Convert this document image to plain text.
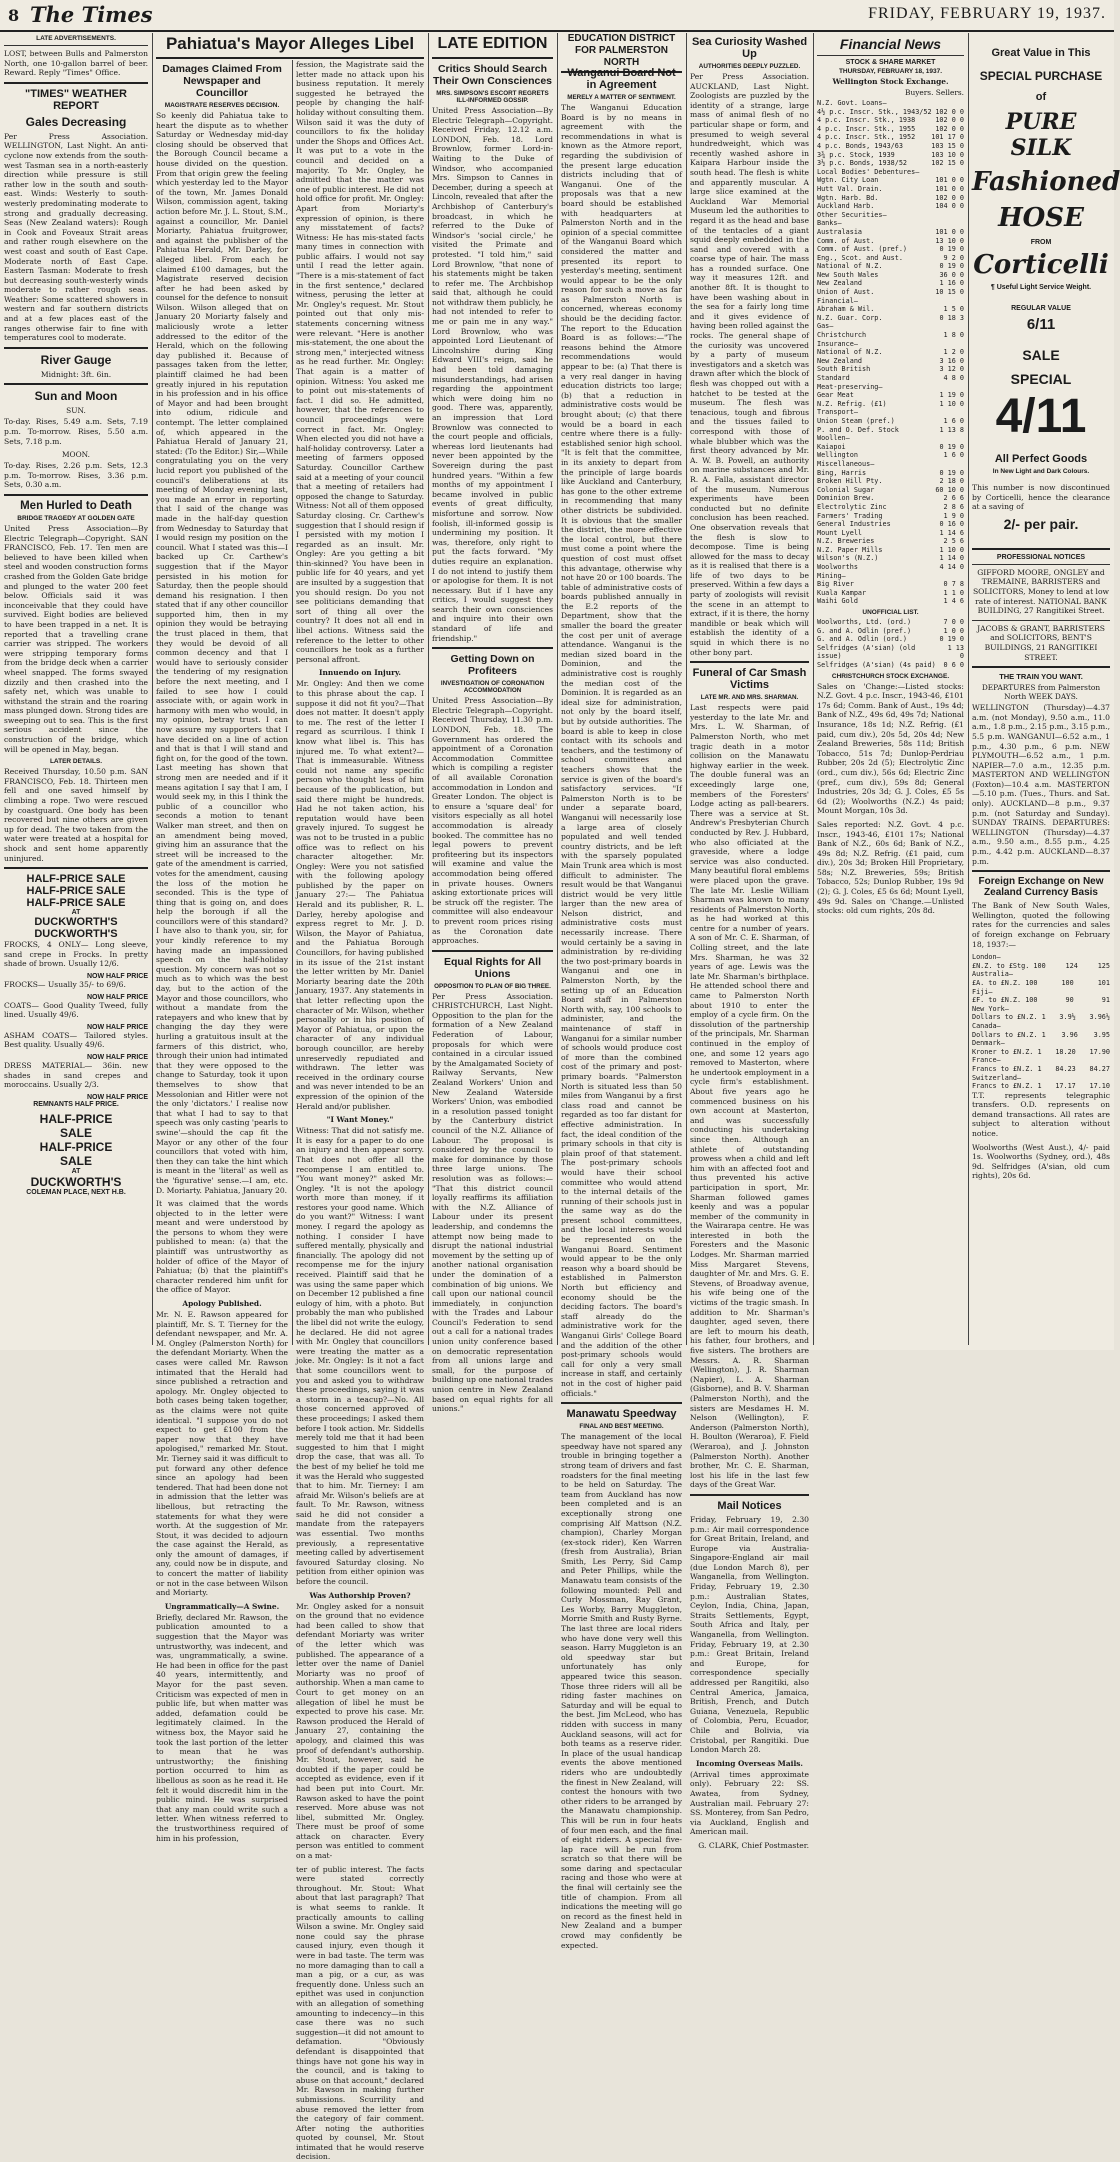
8 The Times	FRIDAY, FEBRUARY 19, 1937.
LATE ADVERTISEMENTS.

LOST, between Bulls and Palmerston North, one 10-gallon barrel of beer. Reward. Reply "Times" Office.

"TIMES" WEATHER REPORT
Gales Decreasing

Per Press Association. WELLINGTON, Last Night. An anti-cyclone now extends from the south-west Tasman sea in a north-easterly direction while pressure is still rather low in the south and south-east. Winds: Westerly to south-westerly predominating moderate to strong and gradually decreasing. Seas (New Zealand waters): Rough in Cook and Foveaux Strait areas and rather rough elsewhere on the west coast and south of East Cape. Moderate north of East Cape. Eastern Tasman: Moderate to fresh but decreasing south-westerly winds moderate to rather rough seas. Weather: Some scattered showers in western and far southern districts and at a few places east of the ranges otherwise fair to fine with temperatures cool to moderate.

River Gauge

Midnight: 3ft. 6in.

Sun and Moon
SUN.

To-day. Rises, 5.49 a.m. Sets, 7.19 p.m. To-morrow. Rises, 5.50 a.m. Sets, 7.18 p.m.

MOON.

To-day. Rises, 2.26 p.m. Sets, 12.3 p.m. To-morrow. Rises, 3.36 p.m. Sets, 0.30 a.m.

Men Hurled to Death
BRIDGE TRAGEDY AT GOLDEN GATE

United Press Association—By Electric Telegraph—Copyright. SAN FRANCISCO, Feb. 17. Ten men are believed to have been killed when steel and wooden construction forms crashed from the Golden Gate bridge and plunged to the water 200 feet below. Officials said it was inconceivable that they could have survived. Eight bodies are believed to have been trapped in a net. It is reported that a travelling crane carrier was stripped. The workers were stripping temporary forms from the bridge deck when a carrier wheel snapped. The forms swayed dizzily and then crashed into the safety net, which was unable to withstand the strain and the roaring mass plunged down. Strong tides are sweeping out to sea. This is the first serious accident since the construction of the bridge, which will be opened in May, began.

LATER DETAILS.

Received Thursday, 10.50 p.m. SAN FRANCISCO, Feb. 18. Thirteen men fell and one saved himself by climbing a rope. Two were rescued by coastguard. One body has been recovered but nine others are given up for dead. The two taken from the water were treated at a hospital for shock and sent home apparently uninjured.

HALF-PRICE SALE
HALF-PRICE SALE
HALF-PRICE SALE
AT
DUCKWORTH'S
DUCKWORTH'S

FROCKS, 4 ONLY— Long sleeve, sand crepe in Frocks. In pretty shade of brown. Usually 12/6.

NOW HALF PRICE

FROCKS— Usually 35/- to 69/6.

NOW HALF PRICE

COATS— Good Quality Tweed, fully lined. Usually 49/6.

NOW HALF PRICE

ASHAM COATS— Tailored styles. Best quality. Usually 49/6.

NOW HALF PRICE

DRESS MATERIAL— 36in. new shades in sand crepes and moroccains. Usually 2/3.

NOW HALF PRICE
REMNANTS HALF PRICE.
HALF-PRICE
SALE
HALF-PRICE
SALE
AT
DUCKWORTH'S
COLEMAN PLACE, NEXT H.B.
Pahiatua's Mayor Alleges Libel
Damages Claimed From Newspaper and Councillor
MAGISTRATE RESERVES DECISION.

So keenly did Pahiatua take to heart the dispute as to whether Saturday or Wednesday mid-day closing should be observed that the Borough Council became a house divided on the question. From that origin grew the feeling which yesterday led to the Mayor of the town, Mr. James Donald Wilson, commission agent, taking action before Mr. J. L. Stout, S.M., against a councillor, Mr. Daniel Moriarty, Pahiatua fruitgrower, and against the publisher of the Pahiatua Herald, Mr. Darley, for alleged libel. From each he claimed £100 damages, but the Magistrate reserved decision after he had been asked by counsel for the defence to nonsuit Wilson. Wilson alleged that on January 20 Moriarty falsely and maliciously wrote a letter addressed to the editor of the Herald, which on the following day published it. Because of passages taken from the letter, plaintiff claimed he had been greatly injured in his reputation in his profession and in his office of Mayor and had been brought into odium, ridicule and contempt. The letter complained of, which appeared in the Pahiatua Herald of January 21, stated: (To the Editor.) Sir,—While congratulating you on the very lucid report you published of the council's deliberations at its meeting of Monday evening last, you made an error in reporting that I said of the change was made in the half-day question from Wednesday to Saturday that I would resign my position on the council. What I stated was this—I backed up Cr. Carthew's suggestion that if the Mayor persisted in his motion for Saturday, then the people should demand his resignation. I then stated that if any other councillor supported him, then in my opinion they would be betraying the trust placed in them, that they would be devoid of all common decency and that I would have to seriously consider the tendering of my resignation before the next meeting, and I failed to see how I could associate with, or again work in harmony with men who would, in my opinion, betray trust. I can now assure my supporters that I have decided on a line of action and that is that I will stand and fight on, for the good of the town. Last meeting has shown that strong men are needed and if it means agitation I say that I am, I would seek my, in this I think the public of a councillor who seconds a motion to tenant Walker man street, and then on an amendment being moved, giving him an assurance that the street will be increased to the gate of the amendment is carried, votes for the amendment, causing the loss of the motion he seconded. This is the type of thing that is going on, and does help the borough if all the councillors were of this standard? I have also to thank you, sir, for your kindly reference to my having made an impassioned speech on the half-holiday question. My concern was not so much as to which was the best day, but to the action of the Mayor and those councillors, who without a mandate from the ratepayers and who knew that by changing the day they were hurling a gratuitous insult at the farmers of this district, who, through their union had intimated that they were opposed to the change to Saturday, took it upon themselves to show that Messolonian and Hitler were not the only 'dictators.' I realise now that what I had to say to that speech was only casting 'pearls to swine'—should the cap fit the Mayor or any other of the four councillors that voted with him, then they can take the hint which is meant in the 'literal' as well as the 'figurative' sense.—I am, etc. D. Moriarty. Pahiatua, January 20.

It was claimed that the words objected to in the letter were meant and were understood by the persons to whom they were published to mean: (a) that the plaintiff was untrustworthy as holder of office of the Mayor of Pahiatua; (b) that the plaintiff's character rendered him unfit for the office of Mayor.

Apology Published.

Mr. N. E. Rawson appeared for plaintiff, Mr. S. T. Tierney for the defendant newspaper, and Mr. A. M. Ongley (Palmerston North) for the defendant Moriarty. When the cases were called Mr. Rawson intimated that the Herald had since published a retraction and apology. Mr. Ongley objected to both cases being taken together, as the claims were not quite identical. "I suppose you do not expect to get £100 from the paper now that they have apologised," remarked Mr. Stout. Mr. Tierney said it was difficult to put forward any other defence since an apology had been tendered. That had been done not in admission that the letter was libellous, but retracting the statements for what they were worth. At the suggestion of Mr. Stout, it was decided to adjourn the case against the Herald, as only the amount of damages, if any, could now be in dispute, and to concert the matter of liability or not in the case between Wilson and Moriarty.

Ungrammatically—A Swine.

Briefly, declared Mr. Rawson, the publication amounted to a suggestion that the Mayor was untrustworthy, was indecent, and was, ungrammatically, a swine. He had been in office for the past 40 years, intermittently, and Mayor for the past seven. Criticism was expected of men in public life, but when matter was added, defamation could be legitimately claimed. In the witness box, the Mayor said he took the last portion of the letter to mean that he was untrustworthy; the finishing portion occurred to him as libellous as soon as he read it. He felt it would discredit him in the public mind. He was surprised that any man could write such a letter. When witness referred to the trustworthiness required of him in his profession,

fession, the Magistrate said the letter made no attack upon his business reputation. It merely suggested he betrayed the people by changing the half-holiday without consulting them. Wilson said it was the duty of councillors to fix the holiday under the Shops and Offices Act. It was put to a vote in the council and decided on a majority. To Mr. Ongley, he admitted that the matter was one of public interest. He did not hold office for profit. Mr. Ongley: Apart from Moriarty's expression of opinion, is there any misstatement of facts? Witness: He has mis-stated facts many times in connection with public affairs. I would not say until I read the letter again. "There is a mis-statement of fact in the first sentence," declared witness, perusing the letter at Mr. Ongley's request. Mr. Stout pointed out that only mis-statements concerning witness were relevant. "Here is another mis-statement, the one about the strong men," interjected witness as he read further. Mr. Ongley: That again is a matter of opinion. Witness: You asked me to point out mis-statements of fact. I did so. He admitted, however, that the references to council proceedings were correct in fact. Mr. Ongley: When elected you did not have a half-holiday controversy. Later a meeting of farmers opposed Saturday. Councillor Carthew said at a meeting of your council that a meeting of retailers had opposed the change to Saturday. Witness: Not all of them opposed Saturday closing. Cr. Carthew's suggestion that I should resign if I persisted with my motion I regarded as an insult. Mr. Ongley: Are you getting a bit thin-skinned? You have been in public life for 40 years, and yet are insulted by a suggestion that you should resign. Do you not see politicians demanding that sort of thing all over the country? It does not all end in libel actions. Witness said the reference to the letter to other councillors he took as a further personal affront.

Innuendo on Injury.

Mr. Ongley: And then we come to this phrase about the cap. I suppose it did not fit you?—That does not matter. It doesn't apply to me. The rest of the letter I regard as scurrilous. I think I know what libel is. This has injured me. To what extent?—That is immeasurable. Witness could not name any specific person who thought less of him because of the publication, but said there might be hundreds. Had he not taken action, his reputation would have been gravely injured. To suggest he was not to be trusted in a public office was to reflect on his character altogether. Mr. Ongley: Were you not satisfied with the following apology published by the paper on January 27:— The Pahiatua Herald and its publisher, R. L. Darley, hereby apologise and express regret to Mr. J. D. Wilson, the Mayor of Pahiatua, and the Pahiatua Borough Councillors, for having published in its issue of the 21st instant the letter written by Mr. Daniel Moriarty bearing date the 20th January, 1937. Any statements in that letter reflecting upon the character of Mr. Wilson, whether personally or in his position of Mayor of Pahiatua, or upon the character of any individual borough councillor, are hereby unreservedly repudiated and withdrawn. The letter was received in the ordinary course and was never intended to be an expression of the opinion of the Herald and/or publisher.

"I Want Money."

Witness: That did not satisfy me. It is easy for a paper to do one an injury and then appear sorry. That does not offer all the recompense I am entitled to. "You want money?" asked Mr. Ongley. "It is not the apology worth more than money, if it restores your good name. Which do you want?" Witness: I want money. I regard the apology as nothing. I consider I have suffered mentally, physically and financially. The apology did not recompense me for the injury received. Plaintiff said that he was using the same paper which on December 12 published a fine eulogy of him, with a photo. But probably the man who published the libel did not write the eulogy, he declared. He did not agree with Mr. Ongley that councillors were treating the matter as a joke. Mr. Ongley: Is it not a fact that some councillors went to you and asked you to withdraw these proceedings, saying it was a storm in a teacup?—No. All those concerned approved of these proceedings; I asked them before I took action. Mr. Siddells merely told me that it had been suggested to him that I might drop the case, that was all. To the best of my belief he told me it was the Herald who suggested that to him. Mr. Tierney: I am afraid Mr. Wilson's beliefs are at fault. To Mr. Rawson, witness said he did not consider a mandate from the ratepayers was essential. Two months previously, a representative meeting called by advertisement favoured Saturday closing. No petition from either opinion was before the council.

Was Authorship Proven?

Mr. Ongley asked for a nonsuit on the ground that no evidence had been called to show that defendant Moriarty was writer of the letter which was published. The appearance of a letter over the name of Daniel Moriarty was no proof of authorship. When a man came to Court to get money on an allegation of libel he must be expected to prove his case. Mr. Rawson produced the Herald of January 27, containing the apology, and claimed this was proof of defendant's authorship. Mr. Stout, however, said he doubted if the paper could be accepted as evidence, even if it had been put into Court. Mr. Rawson asked to have the point reserved. More abuse was not libel, submitted Mr. Ongley. There must be proof of some attack on character. Every person was entitled to comment on a mat-

ter of public interest. The facts were stated correctly throughout. Mr. Stout: What about that last paragraph? That is what seems to rankle. It practically amounts to calling Wilson a swine. Mr. Ongley said none could say the phrase caused injury, even though it were in bad taste. The term was no more damaging than to call a man a pig, or a cur, as was frequently done. Unless such an epithet was used in conjunction with an allegation of something amounting to indecency—in this case there was no such suggestion—it did not amount to defamation. "Obviously defendant is disappointed that things have not gone his way in the council, and is taking to abuse on that account," declared Mr. Rawson in making further submissions. Scurrility and abuse removed the letter from the category of fair comment. After noting the authorities quoted by counsel, Mr. Stout intimated that he would reserve decision.

LATE EDITION
Critics Should Search Their Own Consciences
MRS. SIMPSON'S ESCORT REGRETS ILL-INFORMED GOSSIP.

United Press Association—By Electric Telegraph—Copyright. Received Friday, 12.12 a.m. LONDON, Feb. 18. Lord Brownlow, former Lord-in-Waiting to the Duke of Windsor, who accompanied Mrs. Simpson to Cannes in December, during a speech at Lincoln, revealed that after the Archbishop of Canterbury's broadcast, in which he referred to the Duke of Windsor's 'social circle,' he visited the Primate and protested. "I told him," said Lord Brownlow, "that none of his statements might be taken to refer me. The Archbishop said that, although he could not withdraw them publicly, he had not intended to refer to me or pain me in any way." Lord Brownlow, who was appointed Lord Lieutenant of Lincolnshire during King Edward VIII's reign, said he had been told damaging misunderstandings, had arisen regarding the appointment which were doing him no good. There was, apparently, an impression that Lord Brownlow was connected to the court people and officials, whereas lord lieutenants had never been appointed by the Sovereign during the past hundred years. "Within a few months of my appointment I became involved in public events of great difficulty, misfortune and sorrow. Now foolish, ill-informed gossip is undermining my position. It was, therefore, only right to put the facts forward. "My duties require an explanation. I do not intend to justify them or apologise for them. It is not necessary. But if I have any critics, I would suggest they search their own consciences and inquire into their own standard of life and friendship."

Getting Down on Profiteers
INVESTIGATION OF CORONATION ACCOMMODATION

United Press Association—By Electric Telegraph—Copyright. Received Thursday, 11.30 p.m. LONDON, Feb. 18. The Government has ordered the appointment of a Coronation Accommodation Committee which is compiling a register of all available Coronation accommodation in London and Greater London. The object is to ensure a 'square deal' for visitors especially as all hotel accommodation is already booked. The committee has no legal powers to prevent profiteering but its inspectors will examine and value the accommodation being offered in private houses. Owners asking extortionate prices will be struck off the register. The committee will also endeavour to prevent room prices rising as the Coronation date approaches.

Equal Rights for All Unions
OPPOSITION TO PLAN OF BIG THREE.

Per Press Association. CHRISTCHURCH, Last Night. Opposition to the plan for the formation of a New Zealand Federation of Labour, proposals for which were contained in a circular issued by the Amalgamated Society of Railway Servants, New Zealand Workers' Union and New Zealand Waterside Workers' Union, was embodied in a resolution passed tonight by the Canterbury district council of the N.Z. Alliance of Labour. The proposal is considered by the council to make for dominance by those three large unions. The resolution was as follows:— "That this district council loyally reaffirms its affiliation with the N.Z. Alliance of Labour under its present leadership, and condemns the attempt now being made to disrupt the national industrial movement by the setting up of another national organisation under the domination of a combination of big unions. We call upon our national council immediately, in conjunction with the Trades and Labour Council's Federation to send out a call for a national trades union unity conference based on democratic representation from all unions large and small, for the purpose of building up one national trades union centre in New Zealand based on equal rights for all unions."

EDUCATION DISTRICT FOR PALMERSTON NORTH
Wanganui Board Not in Agreement
MERELY A MATTER OF SENTIMENT.

The Wanganui Education Board is by no means in agreement with the recommendations in what is known as the Atmore report, regarding the subdivision of the present large education districts including that of Wanganui. One of the proposals was that a new board should be established with headquarters at Palmerston North and in the opinion of a special committee of the Wanganui Board which considered the matter and presented its report to yesterday's meeting, sentiment would appear to be the only reason for such a move as far as Palmerston North is concerned, whereas economy should be the deciding factor. The report to the Education Board is as follows:—"The reasons behind the Atmore recommendations would appear to be: (a) That there is a very real danger in having education districts too large; (b) that a reduction in administrative costs would be brought about; (c) that there would be a board in each centre where there is a fully-established senior high school. "It is felt that the committee, in its anxiety to depart from the principle of large boards like Auckland and Canterbury, has gone to the other extreme in recommending that many other districts be subdivided. It is obvious that the smaller the district, the more effective the local control, but there must come a point where the question of cost must offset this advantage, otherwise why not have 20 or 100 boards. The table of administrative costs of boards published annually in the E.2 reports of the Department, show that the smaller the board the greater the cost per unit of average attendance. Wanganui is the median sized board in the Dominion, and the administrative cost is roughly the median cost of the Dominion. It is regarded as an ideal size for administration, not only by the board itself, but by outside authorities. The board is able to keep in close contact with its schools and teachers, and the testimony of school committees and teachers shows that the service is given of the board's satisfactory services. "If Palmerston North is to be under a separate board, Wanganui will necessarily lose a large area of closely populated and well tended country districts, and be left with the sparsely populated Main Trunk area which is most difficult to administer. The result would be that Wanganui district would be very little larger than the new area of Nelson district, and administrative costs must necessarily increase. There would certainly be a saving in administration by re-dividing the two post-primary boards in Wanganui and one in Palmerston North, by the setting up of an Education Board staff in Palmerston North with, say, 100 schools to administer, and the maintenance of staff in Wanganui for a similar number of schools would produce cost of more than the combined cost of the primary and post-primary boards. "Palmerston North is situated less than 50 miles from Wanganui by a first class road and cannot be regarded as too far distant for effective administration. In fact, the ideal condition of the primary schools in that city is plain proof of that statement. The post-primary schools would have their school committee who would attend to the internal details of the running of their schools just in the same way as do the present school committees, and the local interests would be represented on the Wanganui Board. Sentiment would appear to be the only reason why a board should be established in Palmerston North but efficiency and economy should be the deciding factors. The board's staff already do the administrative work for the Wanganui Girls' College Board and the addition of the other post-primary schools would call for only a very small increase in staff, and certainly not in the cost of higher paid officials."

Manawatu Speedway
FINAL AND BEST MEETING.

The management of the local speedway have not spared any trouble in bringing together a strong team of drivers and fast roadsters for the final meeting to be held on Saturday. The team from Auckland has now been completed and is an exceptionally strong one comprising Alf Mattson (N.Z. champion), Charley Morgan (ex-stock rider), Ken Warren (fresh from Australia), Brian Smith, Les Perry, Sid Camp and Peter Phillips, while the Manawatu team consists of the following mounted: Pell and Curly Mossman, Ray Grant, Les Worby, Barry Muggleton, Morrie Smith and Rusty Byrne. The last three are local riders who have done very well this season. Harry Muggleton is an old speedway star but unfortunately has only appeared twice this season. Those three riders will all be riding faster machines on Saturday and will be equal to the best. Jim McLeod, who has ridden with success in many Auckland seasons, will act for both teams as a reserve rider. In place of the usual handicap events the above mentioned riders who are undoubtedly the finest in New Zealand, will contest the honours with two other riders to be arranged by the Manawatu championship. This will be run in four heats of four men each, and the final of eight riders. A special five-lap race will be run from scratch so that there will be some daring and spectacular racing and those who were at the final will certainly see the title of champion. From all indications the meeting will go on record as the finest held in New Zealand and a bumper crowd may confidently be expected.

Sea Curiosity Washed Up
AUTHORITIES DEEPLY PUZZLED.

Per Press Association. AUCKLAND, Last Night. Zoologists are puzzled by the identity of a strange, large mass of animal flesh of no particular shape or form, and presumed to weigh several hundredweight, which was recently washed ashore in Kaipara Harbour inside the south head. The flesh is white and apparently muscular. A large slice examined at the Auckland War Memorial Museum led the authorities to regard it as the head and base of the tentacles of a giant squid deeply embedded in the sand and covered with a coarse type of hair. The mass has a rounded surface. One way it measures 12ft. and another 8ft. It is thought to have been washing about in the sea for a fairly long time and it gives evidence of having been rolled against the rocks. The general shape of the curiosity was uncovered by a party of museum investigators and a sketch was drawn after which the block of flesh was chopped out with a hatchet to be tested at the museum. The flesh was tenacious, tough and fibrous and the tissues failed to correspond with those of whale blubber which was the first theory advanced by Mr. A. W. B. Powell, an authority on marine substances and Mr. R. A. Falla, assistant director of the museum. Numerous experiments have been conducted but no definite conclusion has been reached. One observation reveals that the flesh is slow to decompose. Time is being allowed for the mass to decay as it is realised that there is a life of two days to be preserved. Within a few days a party of zoologists will revisit the scene in an attempt to extract, if it is there, the horny mandible or beak which will establish the identity of a squid in which there is no other bony part.

Funeral of Car Smash Victims
LATE MR. AND MRS. SHARMAN.

Last respects were paid yesterday to the late Mr. and Mrs. L. W. Sharman, of Palmerston North, who met tragic death in a motor collision on the Manawatu highway earlier in the week. The double funeral was an exceedingly large one, members of the Foresters' Lodge acting as pall-bearers. There was a service at St. Andrew's Presbyterian Church conducted by Rev. J. Hubbard, who also officiated at the graveside, where a lodge service was also conducted. Many beautiful floral emblems were placed upon the grave. The late Mr. Leslie William Sharman was known to many residents of Palmerston North, as he had worked at this centre for a number of years. A son of Mr. C. E. Sharman, of Colling street, and the late Mrs. Sharman, he was 32 years of age. Lewis was the late Mr. Sharman's birthplace. He attended school there and came to Palmerston North about 1910 to enter the employ of a cycle firm. On the dissolution of the partnership of the principals, Mr. Sharman continued in the employ of one, and some 12 years ago removed to Masterton, where he undertook employment in a cycle firm's establishment. About five years ago he commenced business on his own account at Masterton, and was successfully conducting his undertaking since then. Although an athlete of outstanding prowess when a child and left him with an affected foot and thus prevented his active participation in sport, Mr. Sharman followed games keenly and was a popular member of the community in the Wairarapa centre. He was interested in both the Foresters and the Masonic Lodges. Mr. Sharman married Miss Margaret Stevens, daughter of Mr. and Mrs. G. E. Stevens, of Broadway avenue, his wife being one of the victims of the tragic smash. In addition to Mr. Sharman's daughter, aged seven, there are left to mourn his death, his father, four brothers, and five sisters. The brothers are Messrs. A. R. Sharman (Wellington), J. R. Sharman (Napier), L. A. Sharman (Gisborne), and B. V. Sharman (Palmerston North), and the sisters are Mesdames H. M. Nelson (Wellington), F. Anderson (Palmerston North), H. Boulton (Weraroa), F. Field (Weraroa), and J. Johnston (Palmerston North). Another brother, Mr. C. E. Sharman, lost his life in the last few days of the Great War.

Mail Notices

Friday, February 19, 2.30 p.m.: Air mail correspondence for Great Britain, Ireland, and Europe via Australia-Singapore-England air mail (due London March 8), per Wanganella, from Wellington. Friday, February 19, 2.30 p.m.: Australian States, Ceylon, India, China, Japan, Straits Settlements, Egypt, South Africa and Italy, per Wanganella, from Wellington. Friday, February 19, at 2.30 p.m.: Great Britain, Ireland and Europe, for correspondence specially addressed per Rangitiki, also Central America, Jamaica, British, French, and Dutch Guiana, Venezuela, Republic of Colombia, Peru, Ecuador, Chile and Bolivia, via Cristobal, per Rangitiki. Due London March 28.

Incoming Overseas Mails.

(Arrival times approximate only). February 22: SS. Awatea, from Sydney, Australian mail. February 27: SS. Monterey, from San Pedro, via Auckland, English and American mail.

G. CLARK, Chief Postmaster.

Financial News
STOCK & SHARE MARKET
THURSDAY, FEBRUARY 18, 1937.
Wellington Stock Exchange.
Buyers. Sellers.
N.Z. Govt. Loans—
4½ p.c. Inscr. Stk., 1943/52 102 0 0
4 p.c. Inscr. Stk., 1938	102 0 0
4 p.c. Inscr. Stk., 1955	102 0 0
4 p.c. Inscr. Stk., 1952 101 17 0
4 p.c. Bonds, 1943/63	103 15 0
3¾ p.c. Stock, 1939	103 10 0
3½ p.c. Bonds, 1938/52	102 15 0
Local Bodies' Debentures—
Wgtn. City Loan	101 0 0
Hutt Val. Drain.	101 0 0
Wgtn. Harb. Bd.	102 0 0
Auckland Harb.	104 0 0
Other Securities—
Banks—
Australasia	101 0 0
Comm. of Aust.	13 10 0
Comm. of Aust. (pref.)	0 19 0
Eng., Scot. and Aust.	9 2 0
National of N.Z.	0 19 0
New South Wales	36 0 0
New Zealand	1 16 0
Union of Aust.	10 15 0
Financial—
Abraham & Wil.	1 5 0
N.Z. Guar. Corp.	0 18 3
Gas—
Christchurch	1 8 0
Insurance—
National of N.Z.	1 2 0
New Zealand	3 16 0
South British	3 12 0
Standard	4 8 0
Meat-preserving—
Gear Meat	1 19 0
N.Z. Refrig. (£1)	1 10 0
Transport—
Union Steam (pref.)	1 6 0
P. and O. Def. Stock	1 13 8
Woollen—
Kaiapoi	0 19 0
Wellington	1 6 0
Miscellaneous—
Bing, Harris	0 19 0
Broken Hill Pty.	2 18 0
Colonial Sugar	60 10 0
Dominion Brew.	2 6 6
Electrolytic Zinc	2 8 6
Farmers' Trading	1 9 0
General Industries	0 16 0
Mount Lyell	1 14 6
N.Z. Breweries	2 5 6
N.Z. Paper Mills	1 10 0
Wilson's (N.Z.)	1 14 0
Woolworths	4 14 0
Mining—
Big River	0 7 8
Kuala Kampar	1 1 0
Waihi Gold	1 4 6
UNOFFICIAL LIST.
Woolworths, Ltd. (ord.)	7 0 0
G. and A. Odlin (pref.)	1 0 0
G. and A. Odlin (ord.)	0 19 0
Selfridges (A'sian) (old issue)
1 13 0
Selfridges (A'sian) (4s paid) 0 6 0
CHRISTCHURCH STOCK EXCHANGE.

Sales on 'Change:—Listed stocks: N.Z. Govt. 4 p.c. Inscr., 1943-46, £101 17s 6d; Comm. Bank of Aust., 19s 4d; Bank of N.Z., 49s 6d, 49s 7d; National Insurance, 18s 1d; N.Z. Refrig. (£1 paid, cum div.), 20s 5d, 20s 4d; New Zealand Breweries, 58s 11d; British Tobacco, 51s 7d; Dunlop-Perdriau Rubber, 20s 2d (5); Electrolytic Zinc (ord., cum div.), 56s 6d; Electric Zinc (pref., cum div.), 59s 8d; General Industries, 20s 3d; G. J. Coles, £5 5s 6d (2); Woolworths (N.Z.) 4s paid; Mount Morgan, 10s 3d.

Sales reported: N.Z. Govt. 4 p.c. Inscr., 1943-46, £101 17s; National Bank of N.Z., 60s 6d; Bank of N.Z., 49s 8d; N.Z. Refrig. (£1 paid, cum div.), 20s 3d; Broken Hill Proprietary, 58s; N.Z. Breweries, 59s; British Tobacco, 52s; Dunlop Rubber, 19s 9d (2); G. J. Coles, £5 6s 6d; Mount Lyell, 49s 9d. Sales on 'Change.—Unlisted stocks: old cum rights, 20s 8d.

Great Value in This
SPECIAL PURCHASE
of
PURE SILK
Fashioned
HOSE
FROM
Corticelli
¶ Useful Light Service Weight.
REGULAR VALUE
6/11
SALE
SPECIAL
4/11
All Perfect Goods
In New Light and Dark Colours.

This number is now discontinued by Corticelli, hence the clearance at a saving of

2/- per pair.
PROFESSIONAL NOTICES

GIFFORD MOORE, ONGLEY and TREMAINE, BARRISTERS and SOLICITORS, Money to lend at low rate of interest. NATIONAL BANK BUILDING, 27 Rangitikei Street.

JACOBS & GRANT, BARRISTERS and SOLICITORS, BENT'S BUILDINGS, 21 RANGITIKEI STREET.

THE TRAIN YOU WANT.
DEPARTURES from Palmerston North WEEK DAYS.

WELLINGTON (Thursday)—4.37 a.m. (not Monday), 9.50 a.m., 11.0 a.m., 1.8 p.m., 2.15 p.m., 3.15 p.m., 5.5 p.m. WANGANUI—6.52 a.m., 1 p.m., 4.30 p.m., 6 p.m. NEW PLYMOUTH—6.52 a.m., 1 p.m. NAPIER—7.0 a.m., 12.35 p.m. MASTERTON AND WELLINGTON (Foxton)—10.4 a.m. MASTERTON—5.10 p.m. (Tues., Thurs. and Sat. only). AUCKLAND—8 p.m., 9.37 p.m. (not Saturday and Sunday). SUNDAY TRAINS. DEPARTURES: WELLINGTON (Thursday)—4.37 a.m., 9.50 a.m., 8.55 p.m., 4.25 p.m., 4.42 p.m. AUCKLAND—8.37 p.m.

Foreign Exchange on New Zealand Currency Basis

The Bank of New South Wales, Wellington, quoted the following rates for the currencies and sales of foreign exchange on February 18, 1937:—

London—
£N.Z. to £Stg. 100	124	125
Australia—
£A. to £N.Z. 100	100	101
Fiji—
£F. to £N.Z. 100	90	91
New York—
Dollars to £N.Z. 1 3.9½ 3.96½
Canada—
Dollars to £N.Z. 1 3.96 3.95
Denmark—
Kroner to £N.Z. 1 18.20 17.90
France—
Francs to £N.Z. 1 84.23 84.27
Switzerland—
Francs to £N.Z. 1 17.17 17.10

T.T. represents telegraphic transfers. O.D. represents on demand transactions. All rates are subject to alteration without notice.

Woolworths (West Aust.), 4/- paid 1s. Woolworths (Sydney, ord.), 48s 9d. Selfridges (A'sian, old cum rights), 20s 6d.
